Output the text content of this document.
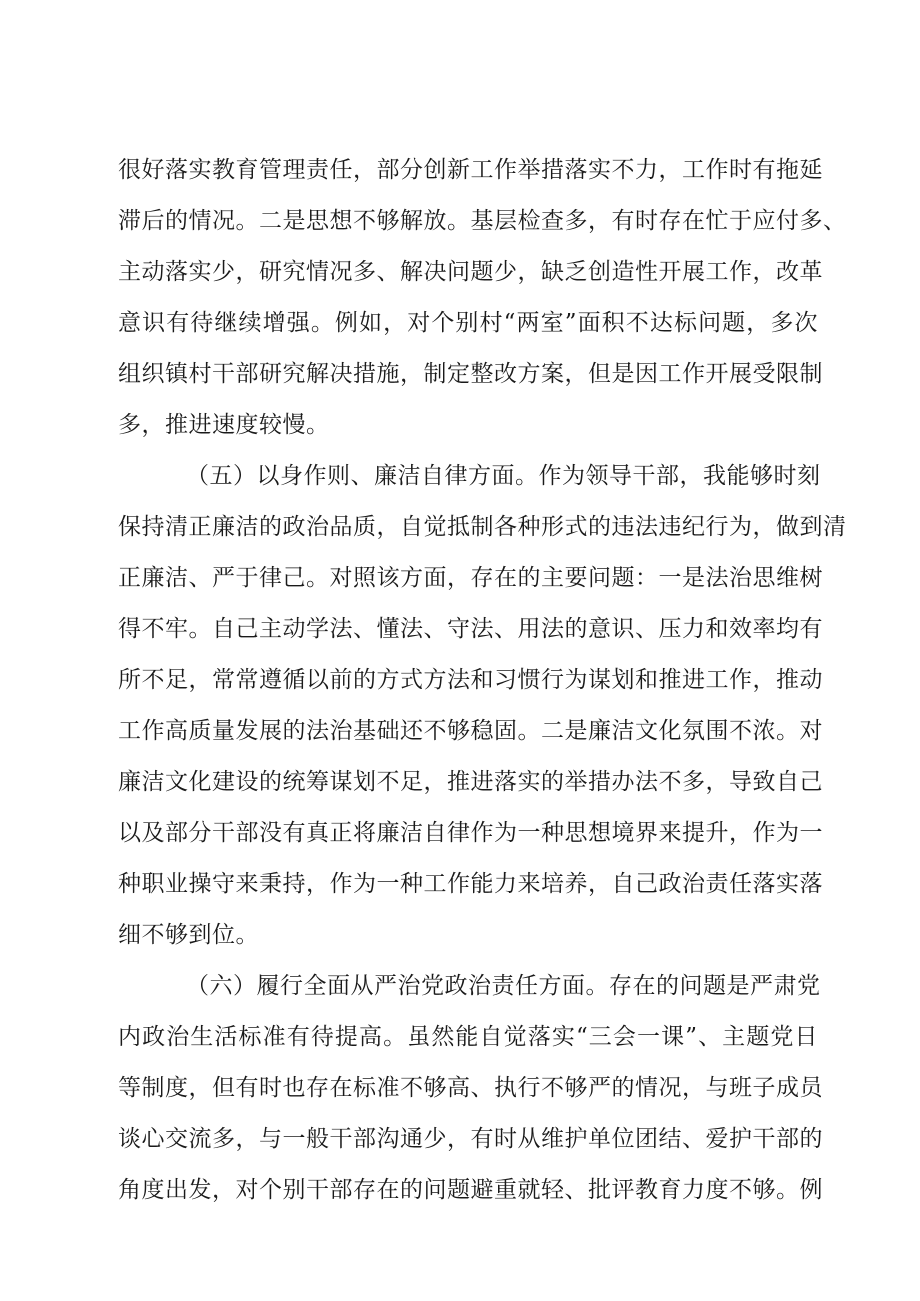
很好落实教育管理责任，部分创新工作举措落实不力，工作时有拖延
滞后的情况。二是思想不够解放。基层检查多，有时存在忙于应付多、
主动落实少，研究情况多、解决问题少，缺乏创造性开展工作，改革
意识有待继续增强。例如，对个别村“两室”面积不达标问题，多次
组织镇村干部研究解决措施，制定整改方案，但是因工作开展受限制
多，推进速度较慢。
（五）以身作则、廉洁自律方面。作为领导干部，我能够时刻
保持清正廉洁的政治品质，自觉抵制各种形式的违法违纪行为，做到清
正廉洁、严于律己。对照该方面，存在的主要问题：一是法治思维树
得不牢。自己主动学法、懂法、守法、用法的意识、压力和效率均有
所不足，常常遵循以前的方式方法和习惯行为谋划和推进工作，推动
工作高质量发展的法治基础还不够稳固。二是廉洁文化氛围不浓。对
廉洁文化建设的统筹谋划不足，推进落实的举措办法不多，导致自己
以及部分干部没有真正将廉洁自律作为一种思想境界来提升，作为一
种职业操守来秉持，作为一种工作能力来培养，自己政治责任落实落
细不够到位。
（六）履行全面从严治党政治责任方面。存在的问题是严肃党
内政治生活标准有待提高。虽然能自觉落实“三会一课”、主题党日
等制度，但有时也存在标准不够高、执行不够严的情况，与班子成员
谈心交流多，与一般干部沟通少，有时从维护单位团结、爱护干部的
角度出发，对个别干部存在的问题避重就轻、批评教育力度不够。例
